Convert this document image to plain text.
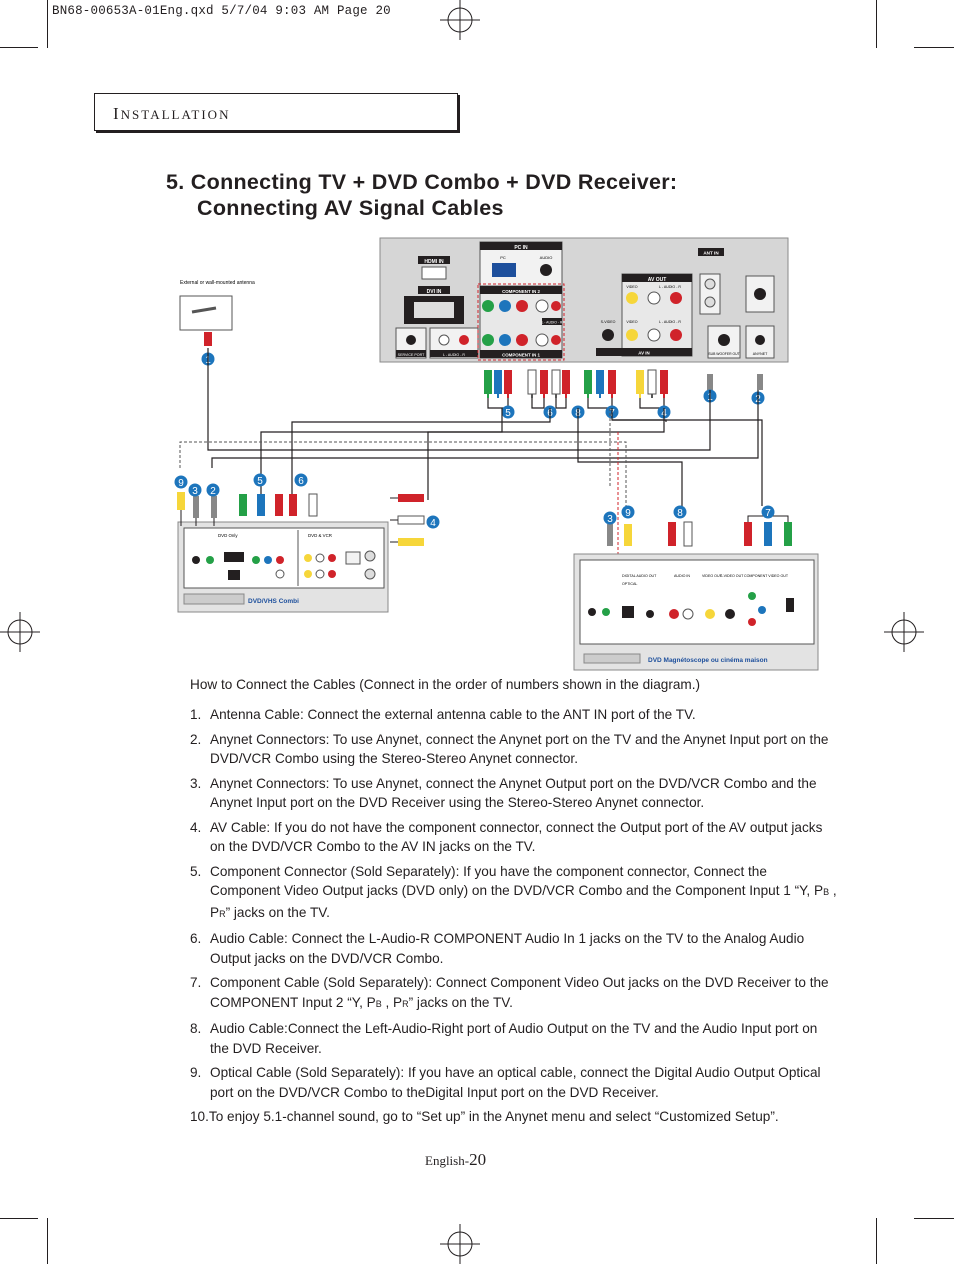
BN68-00653A-01Eng.qxd 5/7/04 9:03 AM Page 20
INSTALLATION
5. Connecting TV + DVD Combo + DVD Receiver:
Connecting AV Signal Cables
HDMI IN
DVI IN
SERVICE PORT	L - AUDIO - R
PC IN
PC	AUDIO
COMPONENT IN 2
L - AUDIO - R
COMPONENT IN 1
AV OUT
VIDEO	L - AUDIO - R
S-VIDEO	VIDEO	L - AUDIO - R
AV IN
ANT IN
SUB WOOFER OUT	ANYNET
5	6 8	7	4
1	2
External or wall-mounted antenna
1
DVD Only	DVD & VCR
DVD/VHS Combi
9
3 2
5	6
4
DIGITAL AUDIO OUT
OPTICAL
AUDIO IN	VIDEO OUT
S-VIDEO OUT COMPONENT VIDEO OUT
DVD Magnétoscope ou cinéma maison
3
9	8	7
How to Connect the Cables (Connect in the order of numbers shown in the diagram.)
1. Antenna Cable: Connect the external antenna cable to the ANT IN port of the TV.
2. Anynet Connectors: To use Anynet, connect the Anynet port on the TV and the Anynet Input port on the DVD/VCR Combo using the Stereo-Stereo Anynet connector.
3. Anynet Connectors: To use Anynet, connect the Anynet Output port on the DVD/VCR Combo and the Anynet Input port on the DVD Receiver using the Stereo-Stereo Anynet connector.
4. AV Cable: If you do not have the component connector, connect the Output port of the AV output jacks on the DVD/VCR Combo to the AV IN jacks on the TV.
5. Component Connector (Sold Separately): If you have the component connector, Connect the Component Video Output jacks (DVD only) on the DVD/VCR Combo and the Component Input 1 “Y, PB , PR” jacks on the TV.
6. Audio Cable: Connect the L-Audio-R COMPONENT Audio In 1 jacks on the TV to the Analog Audio Output jacks on the DVD/VCR Combo.
7. Component Cable (Sold Separately): Connect Component Video Out jacks on the DVD Receiver to the COMPONENT Input 2 “Y, PB , PR” jacks on the TV.
8. Audio Cable:Connect the Left-Audio-Right port of Audio Output on the TV and the Audio Input port on the DVD Receiver.
9. Optical Cable (Sold Separately): If you have an optical cable, connect the Digital Audio Output Optical port on the DVD/VCR Combo to theDigital Input port on the DVD Receiver.
10.To enjoy 5.1-channel sound, go to “Set up” in the Anynet menu and select “Customized Setup”.
English-20
